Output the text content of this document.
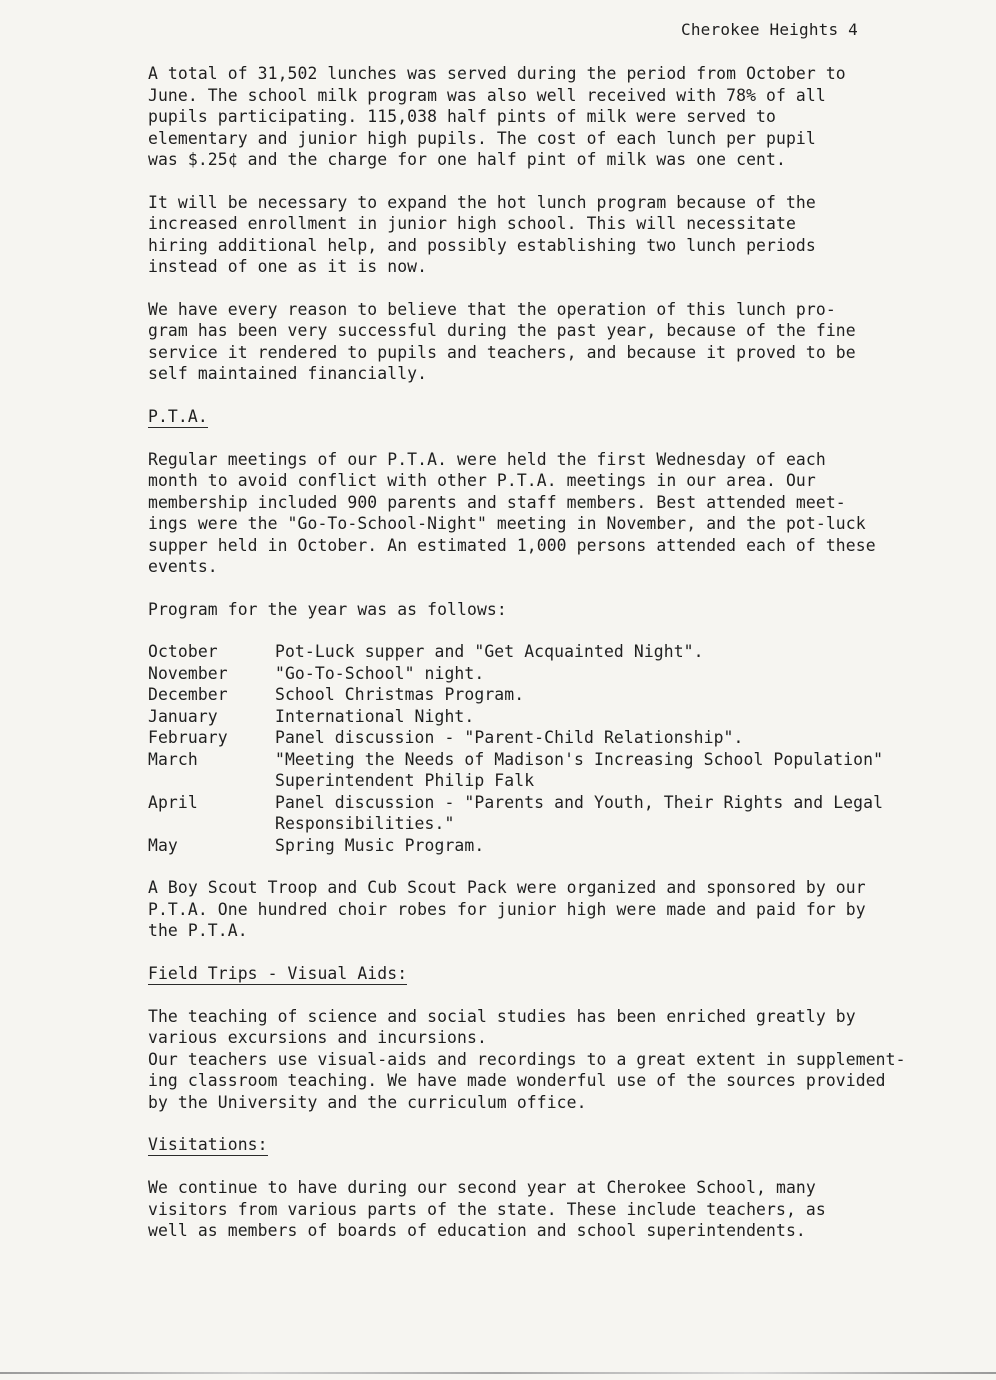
Cherokee Heights 4
A total of 31,502 lunches was served during the period from October to
June. The school milk program was also well received with 78% of all
pupils participating. 115,038 half pints of milk were served to
elementary and junior high pupils. The cost of each lunch per pupil
was $.25¢ and the charge for one half pint of milk was one cent.
It will be necessary to expand the hot lunch program because of the
increased enrollment in junior high school. This will necessitate
hiring additional help, and possibly establishing two lunch periods
instead of one as it is now.
We have every reason to believe that the operation of this lunch pro-
gram has been very successful during the past year, because of the fine
service it rendered to pupils and teachers, and because it proved to be
self maintained financially.
P.T.A.
Regular meetings of our P.T.A. were held the first Wednesday of each
month to avoid conflict with other P.T.A. meetings in our area. Our
membership included 900 parents and staff members. Best attended meet-
ings were the "Go-To-School-Night" meeting in November, and the pot-luck
supper held in October. An estimated 1,000 persons attended each of these
events.
Program for the year was as follows:
October	Pot-Luck supper and "Get Acquainted Night".
November	"Go-To-School" night.
December	School Christmas Program.
January	International Night.
February	Panel discussion - "Parent-Child Relationship".
March	"Meeting the Needs of Madison's Increasing School Population"
Superintendent Philip Falk
April	Panel discussion - "Parents and Youth, Their Rights and Legal
Responsibilities."
May	Spring Music Program.
A Boy Scout Troop and Cub Scout Pack were organized and sponsored by our
P.T.A. One hundred choir robes for junior high were made and paid for by
the P.T.A.
Field Trips - Visual Aids:
The teaching of science and social studies has been enriched greatly by
various excursions and incursions.
Our teachers use visual-aids and recordings to a great extent in supplement-
ing classroom teaching. We have made wonderful use of the sources provided
by the University and the curriculum office.
Visitations:
We continue to have during our second year at Cherokee School, many
visitors from various parts of the state. These include teachers, as
well as members of boards of education and school superintendents.
